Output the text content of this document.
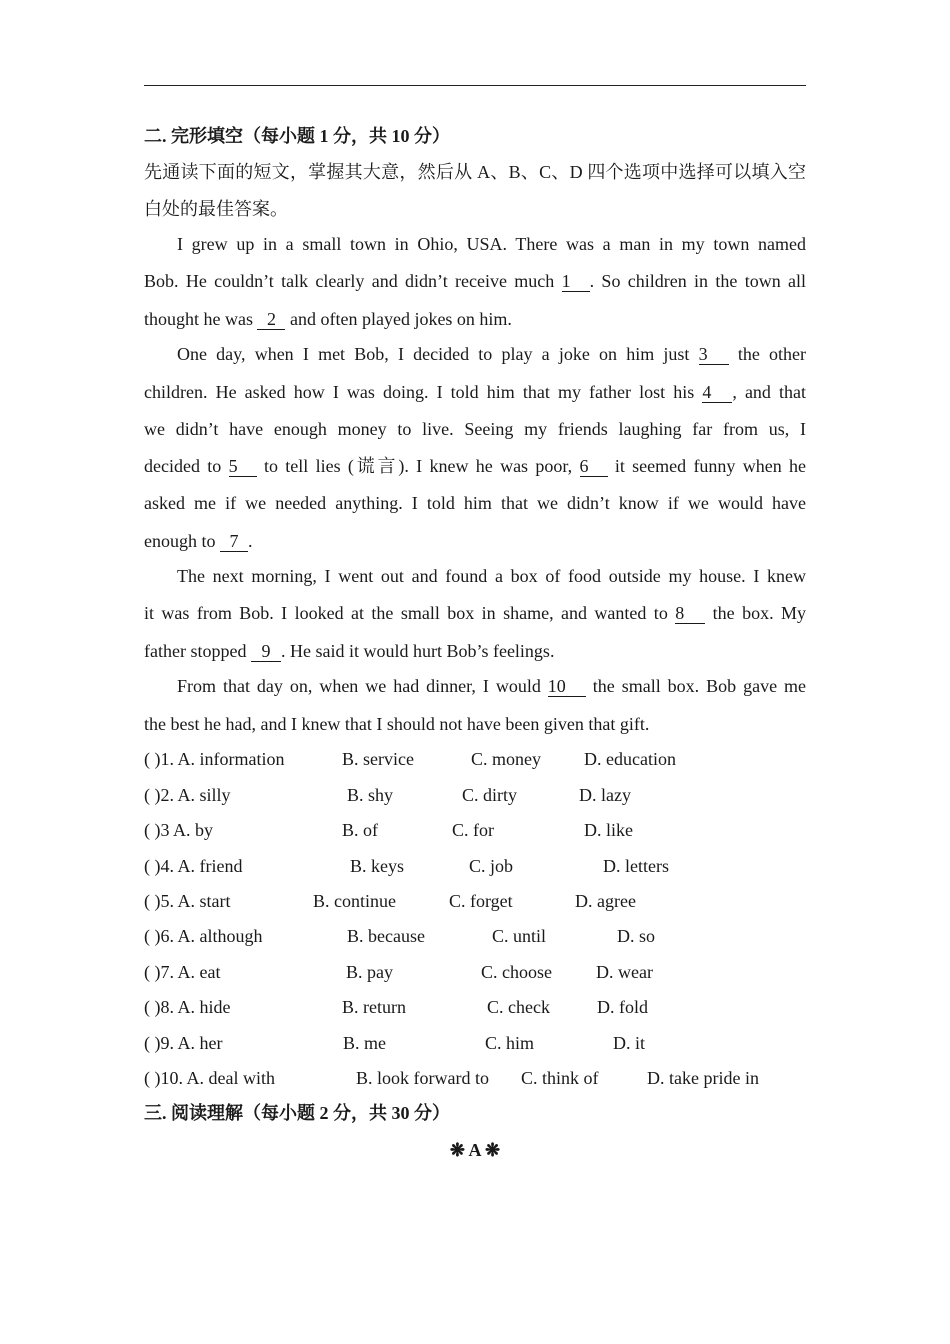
二. 完形填空（每小题 1 分，共 10 分）
先通读下面的短文，掌握其大意，然后从 A、B、C、D 四个选项中选择可以填入空
白处的最佳答案。
I grew up in a small town in Ohio, USA. There was a man in my town named
Bob. He couldn’t talk clearly and didn’t receive much 1 . So children in the town all
thought he was 2 and often played jokes on him.
One day, when I met Bob, I decided to play a joke on him just 3 the other
children. He asked how I was doing. I told him that my father lost his 4 , and that
we didn’t have enough money to live. Seeing my friends laughing far from us, I
decided to 5 to tell lies (谎言). I knew he was poor, 6 it seemed funny when he
asked me if we needed anything. I told him that we didn’t know if we would have
enough to 7 .
The next morning, I went out and found a box of food outside my house. I knew
it was from Bob. I looked at the small box in shame, and wanted to 8 the box. My
father stopped 9 . He said it would hurt Bob’s feelings.
From that day on, when we had dinner, I would 10 the small box. Bob gave me
the best he had, and I knew that I should not have been given that gift.
( )1. A. information	B. service	C. money D. education
( )2. A. silly	B. shy	C. dirty	D. lazy
( )3 A. by	B. of	C. for	D. like
( )4. A. friend	B. keys	C. job	D. letters
( )5. A. start	B. continue	C. forget	D. agree
( )6. A. although	B. because	C. until	D. so
( )7. A. eat	B. pay	C. choose D. wear
( )8. A. hide	B. return	C. check	D. fold
( )9. A. her	B. me	C. him	D. it
( )10. A. deal with	B. look forward to C. think of	D. take pride in
三. 阅读理解（每小题 2 分，共 30 分）
❋ A ❋
